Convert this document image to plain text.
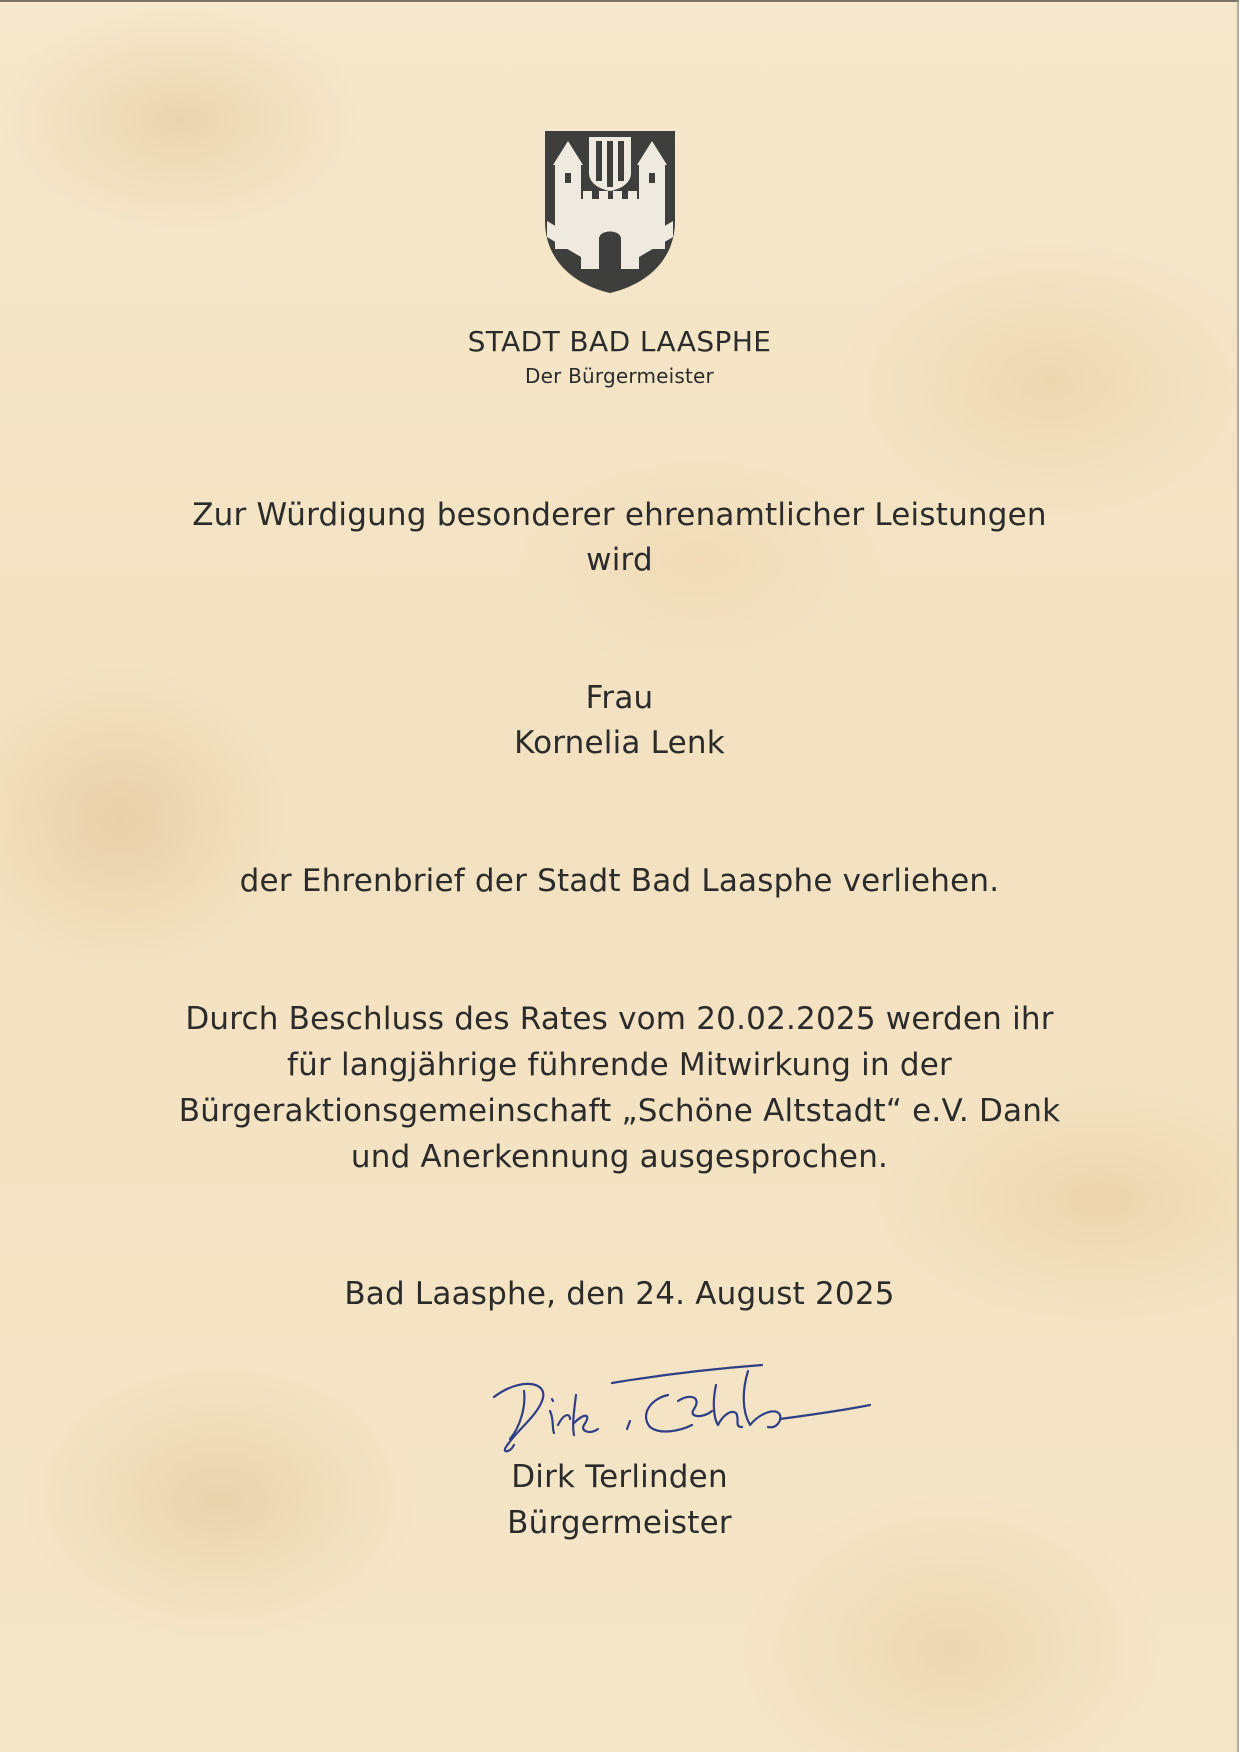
STADT BAD LAASPHE
Der Bürgermeister
Zur Würdigung besonderer ehrenamtlicher Leistungen
wird
Frau
Kornelia Lenk
der Ehrenbrief der Stadt Bad Laasphe verliehen.
Durch Beschluss des Rates vom 20.02.2025 werden ihr
für langjährige führende Mitwirkung in der
Bürgeraktionsgemeinschaft „Schöne Altstadt“ e.V. Dank
und Anerkennung ausgesprochen.
Bad Laasphe, den 24. August 2025
Dirk Terlinden
Bürgermeister
